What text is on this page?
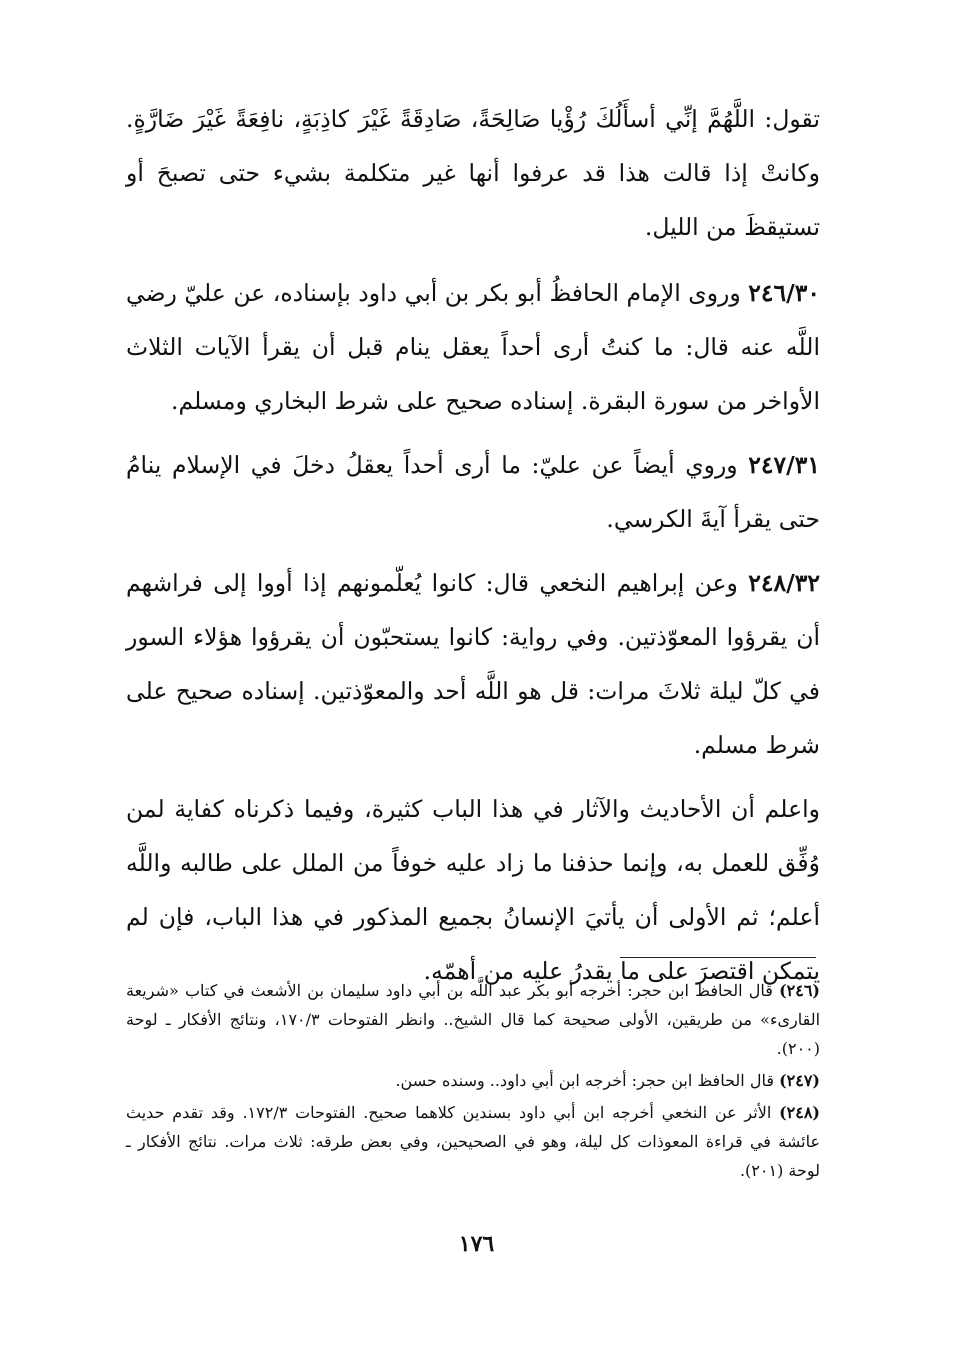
تقول: اللَّهُمَّ إنِّي أسأَلُكَ رُؤْيا صَالِحَةً، صَادِقَةً غَيْرَ كاذِبَةٍ، نافِعَةً غَيْرَ ضَارَّةٍ. وكانتْ إذا قالت هذا قد عرفوا أنها غير متكلمة بشيء حتى تصبحَ أو تستيقظَ من الليل.

٢٤٦/٣٠ وروى الإمام الحافظُ أبو بكر بن أبي داود بإسناده، عن عليّ رضي اللَّه عنه قال: ما كنتُ أرى أحداً يعقل ينام قبل أن يقرأ الآيات الثلاث الأواخر من سورة البقرة. إسناده صحيح على شرط البخاري ومسلم.

٢٤٧/٣١ وروي أيضاً عن عليّ: ما أرى أحداً يعقلُ دخلَ في الإسلام ينامُ حتى يقرأ آيةَ الكرسي.

٢٤٨/٣٢ وعن إبراهيم النخعي قال: كانوا يُعلّمونهم إذا أووا إلى فراشهم أن يقرؤوا المعوّذتين. وفي رواية: كانوا يستحبّون أن يقرؤوا هؤلاء السور في كلّ ليلة ثلاثَ مرات: قل هو اللَّه أحد والمعوّذتين. إسناده صحيح على شرط مسلم.

واعلم أن الأحاديث والآثار في هذا الباب كثيرة، وفيما ذكرناه كفاية لمن وُفِّق للعمل به، وإنما حذفنا ما زاد عليه خوفاً من الملل على طالبه واللَّه أعلم؛ ثم الأولى أن يأتيَ الإنسانُ بجميع المذكور في هذا الباب، فإن لم يتمكن اقتصرَ على ما يقدرُ عليه من أهمّه.

(٢٤٦) قال الحافظ ابن حجر: أخرجه أبو بكر عبد اللَّه بن أبي داود سليمان بن الأشعث في كتاب «شريعة القارىء» من طريقين، الأولى صحيحة كما قال الشيخ.. وانظر الفتوحات ١٧٠/٣، ونتائج الأفكار ـ لوحة (٢٠٠).

(٢٤٧) قال الحافظ ابن حجر: أخرجه ابن أبي داود.. وسنده حسن.

(٢٤٨) الأثر عن النخعي أخرجه ابن أبي داود بسندين كلاهما صحيح. الفتوحات ١٧٢/٣. وقد تقدم حديث عائشة في قراءة المعوذات كل ليلة، وهو في الصحيحين، وفي بعض طرقه: ثلاث مرات. نتائج الأفكار ـ لوحة (٢٠١).

١٧٦
